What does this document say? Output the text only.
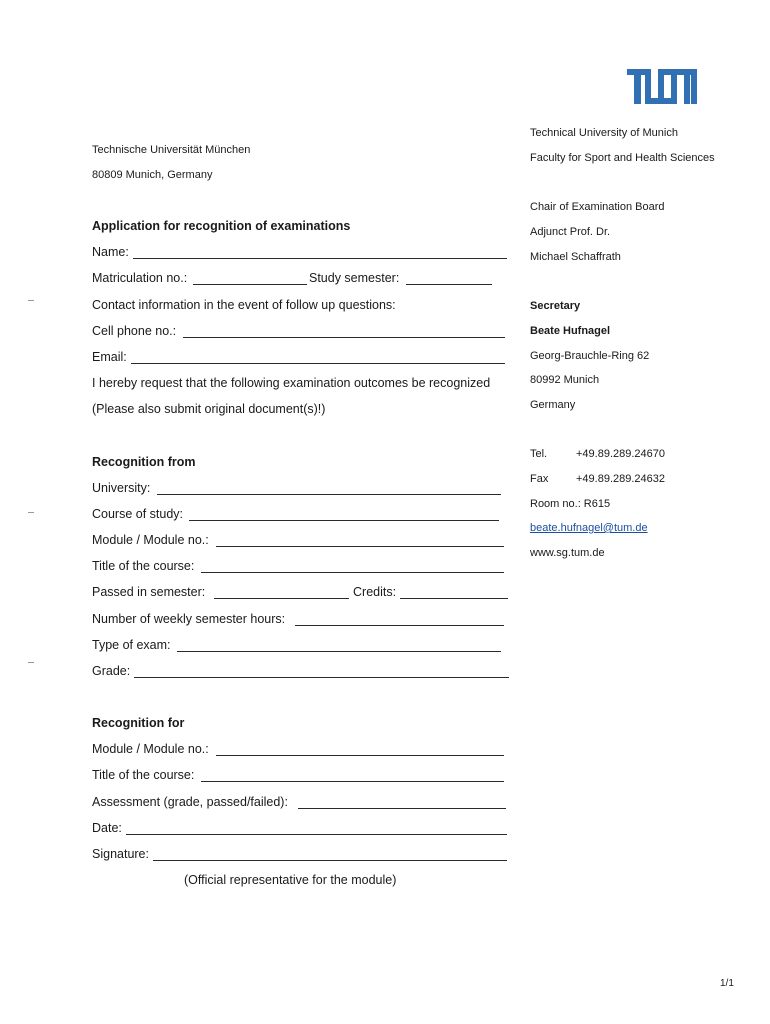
Technische Universität München
80809 Munich, Germany
Technical University of Munich
Faculty for Sport and Health Sciences
Chair of Examination Board
Adjunct Prof. Dr.
Michael Schaffrath
Secretary
Beate Hufnagel
Georg-Brauchle-Ring 62
80992 Munich
Germany
Tel.	+49.89.289.24670
Fax	+49.89.289.24632
Room no.: R615
beate.hufnagel@tum.de
www.sg.tum.de
Application for recognition of examinations
Name:
Matriculation no.:	Study semester:
Contact information in the event of follow up questions:
Cell phone no.:
Email:
I hereby request that the following examination outcomes be recognized
(Please also submit original document(s)!)
Recognition from
University:
Course of study:
Module / Module no.:
Title of the course:
Passed in semester:	Credits:
Number of weekly semester hours:
Type of exam:
Grade:
Recognition for
Module / Module no.:
Title of the course:
Assessment (grade, passed/failed):
Date:
Signature:
(Official representative for the module)
1/1
